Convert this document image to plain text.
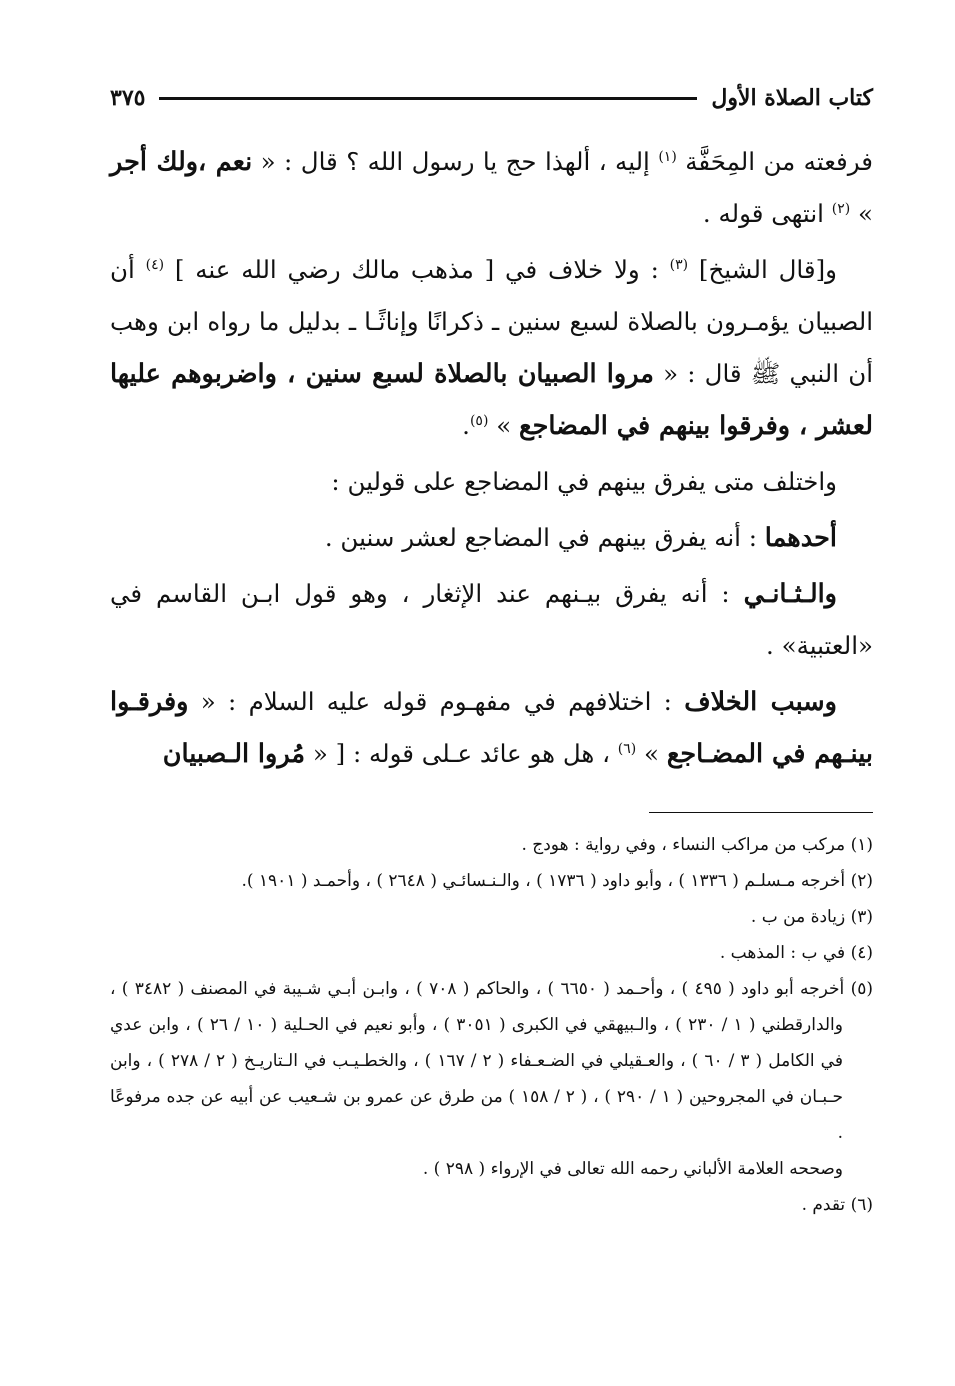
كتاب الصلاة الأول
٣٧٥

فرفعته من المِحَفَّة $^{(١)}$ إليه ، ألهذا حج يا رسول الله ؟ قال : « نعم ،ولك أجر » $^{(٢)}$ انتهى قوله .

و[قال الشيخ] $^{(٣)}$ : ولا خلاف في [ مذهب مالك رضي الله عنه ] $^{(٤)}$ أن الصبيان يؤمـرون بالصلاة لسبع سنين ـ ذكرانًا وإناثًـا ـ بدليل ما رواه ابن وهب أن النبي ﷺ قال : « مروا الصبيان بالصلاة لسبع سنين ، واضربوهم عليها لعشر ، وفرقوا بينهم في المضاجع » $^{(٥)}$.

واختلف متى يفرق بينهم في المضاجع على قولين :

أحدهما : أنه يفرق بينهم في المضاجع لعشر سنين .

والـثـانـي : أنه يفرق بيـنهم عند الإثغار ، وهو قول ابـن القاسم في «العتبية» .

وسبب الخلاف : اختلافهم في مفهـوم قوله عليه السلام : « وفرقـوا بينـهم في المضـاجع » $^{(٦)}$ ، هل هو عائد عـلى قوله : [ « مُروا الـصبيان

(١) مركب من مراكب النساء ، وفي رواية : هودج .

(٢) أخرجه مـسلـم ( ١٣٣٦ ) ، وأبو داود ( ١٧٣٦ ) ، والـنـسائـي ( ٢٦٤٨ ) ، وأحمـد ( ١٩٠١ ).

(٣) زيادة من ب .

(٤) في ب : المذهب .

(٥) أخرجه أبو داود ( ٤٩٥ ) ، وأحـمد ( ٦٦٥٠ ) ، والحاكم ( ٧٠٨ ) ، وابـن أبـي شـيبة في المصنف ( ٣٤٨٢ ) ، والدارقطني ( ١ / ٢٣٠ ) ، والـبيهقي في الكبرى ( ٣٠٥١ ) ، وأبو نعيم في الحـلية ( ١٠ / ٢٦ ) ، وابن عدي في الكامل ( ٣ / ٦٠ ) ، والعـقيلي في الضـعـفاء ( ٢ / ١٦٧ ) ، والخطـيـب في الـتاريـخ ( ٢ / ٢٧٨ ) ، وابن حـبـان في المجروحين ( ١ / ٢٩٠ ) ، ( ٢ / ١٥٨ ) من طرق عن عمرو بن شـعيب عن أبيه عن جده مرفوعًا .

وصححه العلامة الألباني رحمه الله تعالى في الإرواء ( ٢٩٨ ) .

(٦) تقدم .
